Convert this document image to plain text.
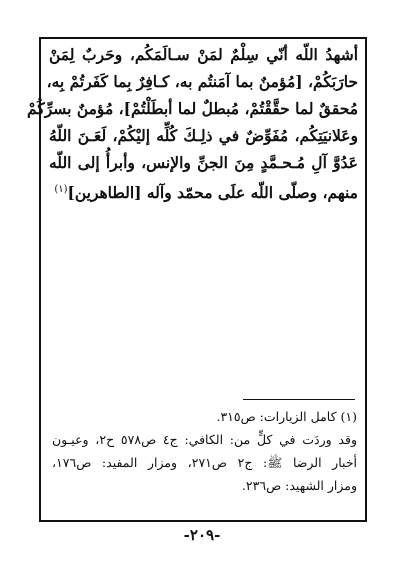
أشهدُ اللّه أنّي سِلْمٌ لمَنْ سـالَمَكُم، وحَربٌ لِمَنْ
حارَبَكُمْ، [مُؤمنٌ بما آمَنتُم به، كـافِرٌ بِما كَفَرتُمْ بِه،
مُحققٌ لما حقَّقْتُمْ، مُبطلٌ لما أبطَلْتُمْ]، مُؤمنٌ بسرِّكُمْ
وعَلانيَتِكُم، مُفَوِّضٌ في ذلِـكَ كُلِّه إليْكُمْ، لَعَـنَ اللّهُ
عَدُوَّ آلِ مُـحـمَّدٍ مِنَ الجنِّ والإنس، وأبرأُ إلى اللّه
منهم، وصلّى اللّه علَى محمّد وآله [الطاهرين]$^{(١)}$
(١) كامل الزيارات: ص٣١٥.
وقد وردَت في كلٍّ من: الكافي: ج٤ ص٥٧٨ ح٢، وعيـون
أخبار الرضا ﷺ: ج٢ ص٢٧١، ومزار المفيد: ص١٧٦،
ومزار الشهيد: ص٢٣٦.
-٢٠٩-
